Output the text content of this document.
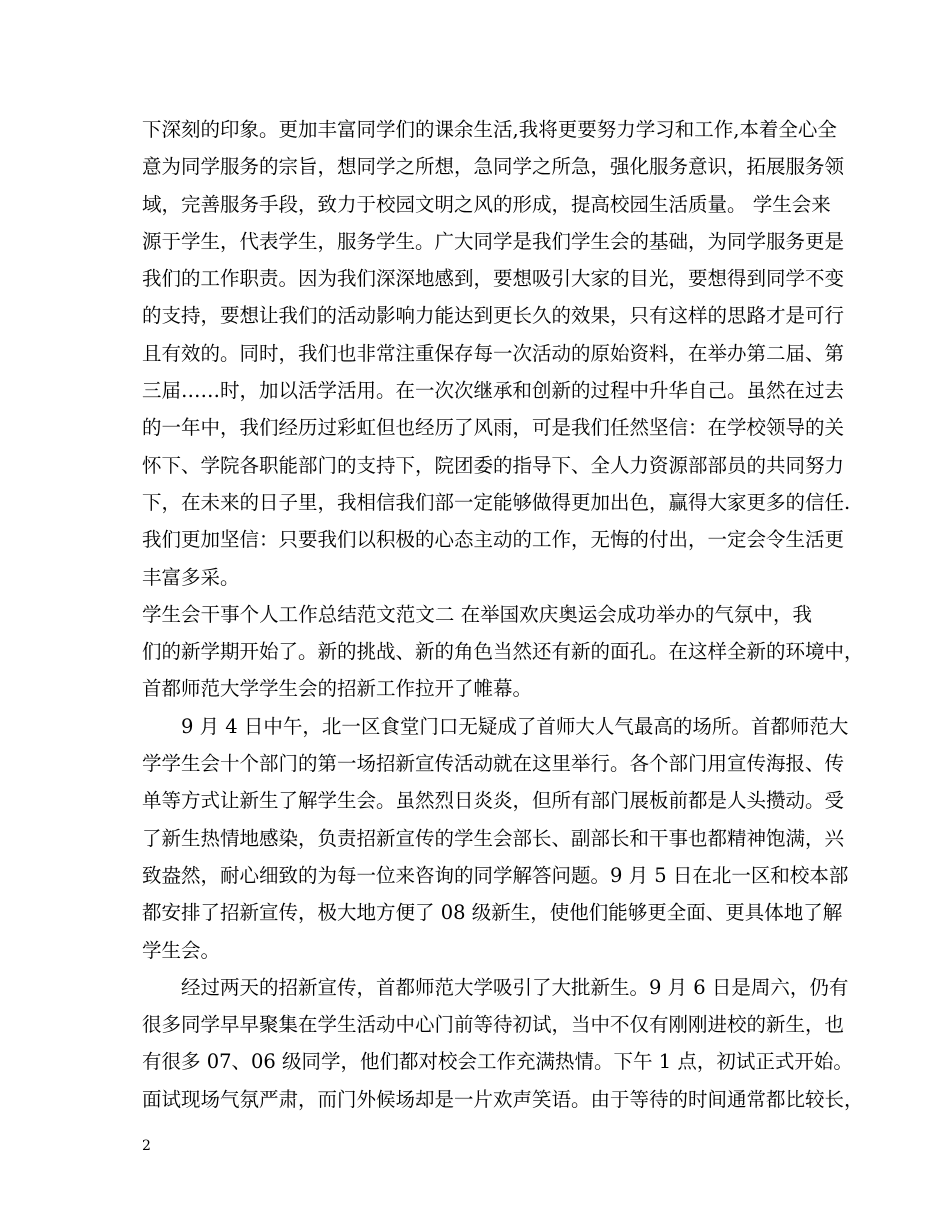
下深刻的印象。更加丰富同学们的课余生活,我将更要努力学习和工作,本着全心全
意为同学服务的宗旨，想同学之所想，急同学之所急，强化服务意识，拓展服务领
域，完善服务手段，致力于校园文明之风的形成，提高校园生活质量。 学生会来
源于学生，代表学生，服务学生。广大同学是我们学生会的基础，为同学服务更是
我们的工作职责。因为我们深深地感到，要想吸引大家的目光，要想得到同学不变
的支持，要想让我们的活动影响力能达到更长久的效果，只有这样的思路才是可行
且有效的。同时，我们也非常注重保存每一次活动的原始资料，在举办第二届、第
三届……时，加以活学活用。在一次次继承和创新的过程中升华自己。虽然在过去
的一年中，我们经历过彩虹但也经历了风雨，可是我们任然坚信：在学校领导的关
怀下、学院各职能部门的支持下，院团委的指导下、全人力资源部部员的共同努力
下，在未来的日子里，我相信我们部一定能够做得更加出色，赢得大家更多的信任.
我们更加坚信：只要我们以积极的心态主动的工作，无悔的付出，一定会令生活更
丰富多采。
学生会干事个人工作总结范文范文二 在举国欢庆奥运会成功举办的气氛中，我
们的新学期开始了。新的挑战、新的角色当然还有新的面孔。在这样全新的环境中，
首都师范大学学生会的招新工作拉开了帷幕。
9 月 4 日中午，北一区食堂门口无疑成了首师大人气最高的场所。首都师范大
学学生会十个部门的第一场招新宣传活动就在这里举行。各个部门用宣传海报、传
单等方式让新生了解学生会。虽然烈日炎炎，但所有部门展板前都是人头攒动。受
了新生热情地感染，负责招新宣传的学生会部长、副部长和干事也都精神饱满，兴
致盎然，耐心细致的为每一位来咨询的同学解答问题。9 月 5 日在北一区和校本部
都安排了招新宣传，极大地方便了 08 级新生，使他们能够更全面、更具体地了解
学生会。
经过两天的招新宣传，首都师范大学吸引了大批新生。9 月 6 日是周六，仍有
很多同学早早聚集在学生活动中心门前等待初试，当中不仅有刚刚进校的新生，也
有很多 07、06 级同学，他们都对校会工作充满热情。下午 1 点，初试正式开始。
面试现场气氛严肃，而门外候场却是一片欢声笑语。由于等待的时间通常都比较长，
2
